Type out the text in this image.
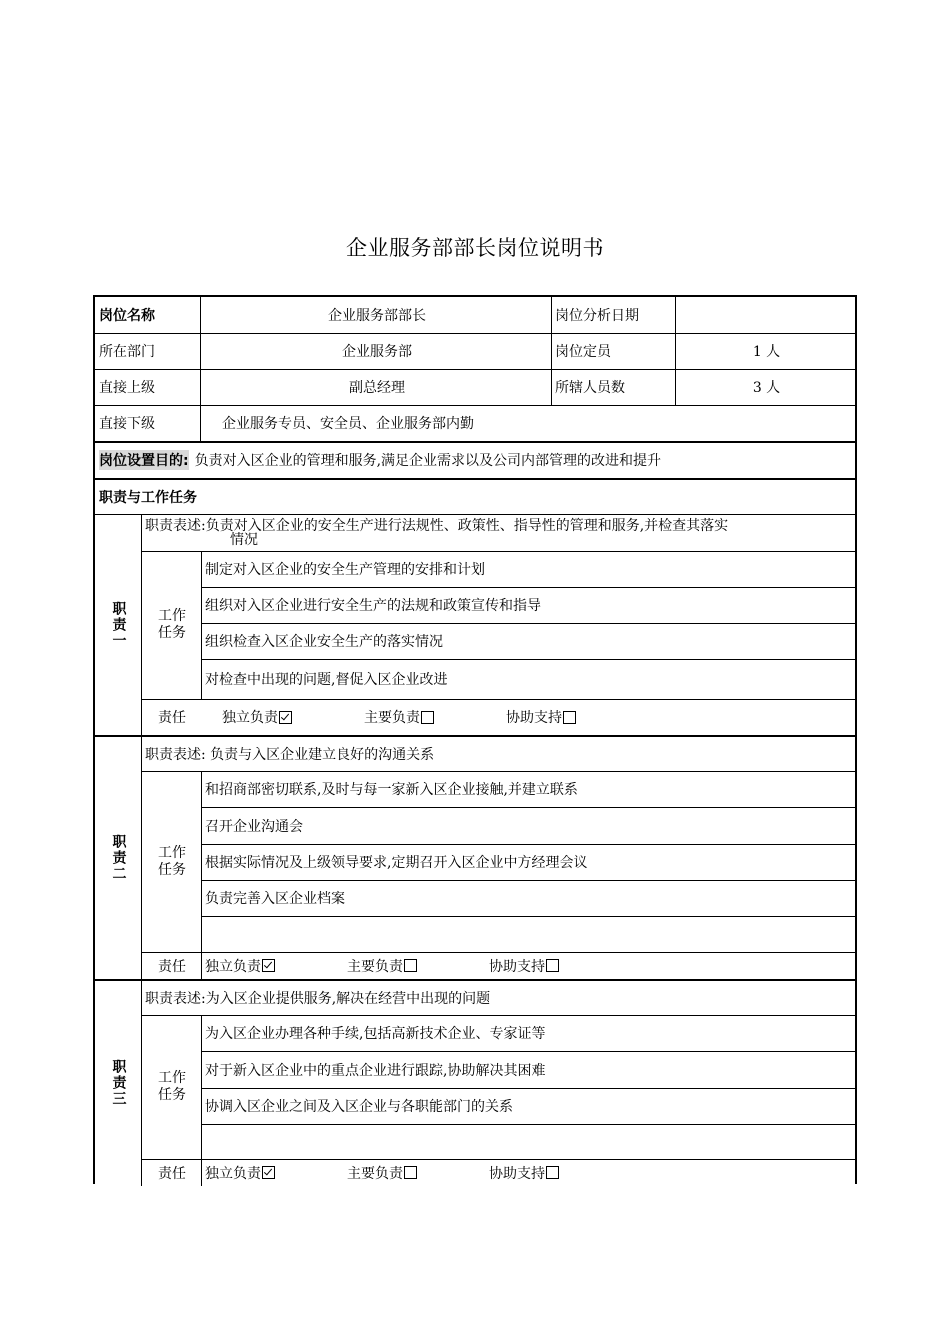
企业服务部部长岗位说明书
岗位名称	企业服务部部长	岗位分析日期
所在部门	企业服务部	岗位定员	1 人
直接上级	副总经理	所辖人员数	3 人
直接下级	企业服务专员、安全员、企业服务部内勤
岗位设置目的: 负责对入区企业的管理和服务,满足企业需求以及公司内部管理的改进和提升
职责与工作任务
职责一
职责表述:负责对入区企业的安全生产进行法规性、政策性、指导性的管理和服务,并检查其落实
情况
工作任务
制定对入区企业的安全生产管理的安排和计划
组织对入区企业进行安全生产的法规和政策宣传和指导
组织检查入区企业安全生产的落实情况
对检查中出现的问题,督促入区企业改进
责任	独立负责	主要负责	协助支持
职责二
职责表述: 负责与入区企业建立良好的沟通关系
工作任务
和招商部密切联系,及时与每一家新入区企业接触,并建立联系
召开企业沟通会
根据实际情况及上级领导要求,定期召开入区企业中方经理会议
负责完善入区企业档案
责任	独立负责	主要负责	协助支持
职责三
职责表述:为入区企业提供服务,解决在经营中出现的问题
工作任务
为入区企业办理各种手续,包括高新技术企业、专家证等
对于新入区企业中的重点企业进行跟踪,协助解决其困难
协调入区企业之间及入区企业与各职能部门的关系
责任	独立负责	主要负责	协助支持
